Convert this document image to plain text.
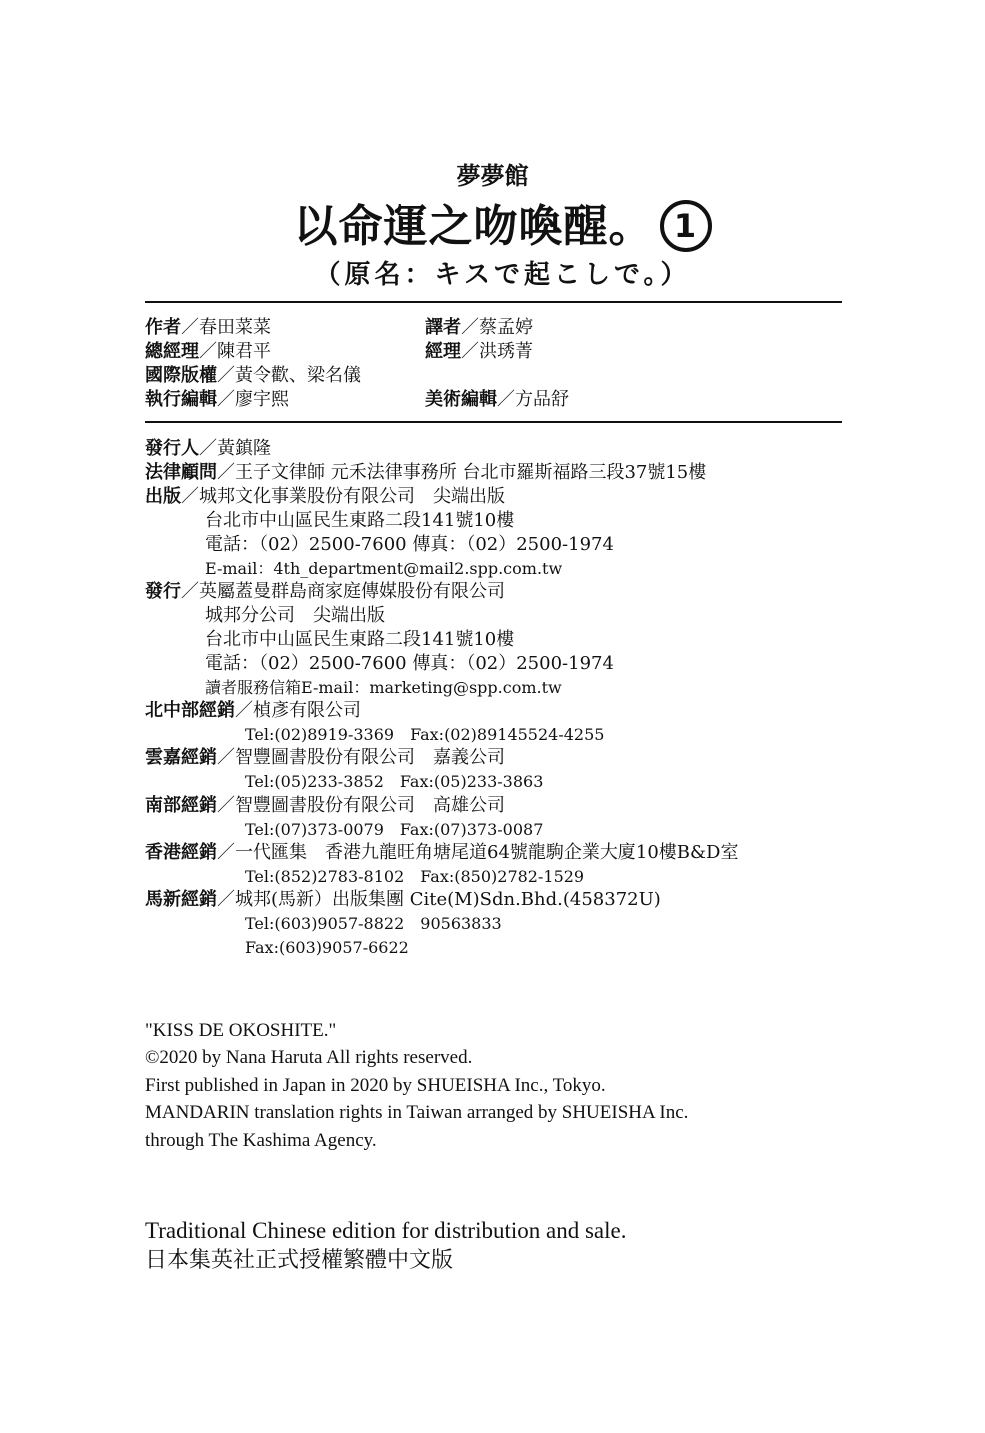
夢夢館
以命運之吻喚醒。 1
（原名：キスで起こしで。）
作者／春田菜菜	譯者／蔡孟婷
總經理／陳君平	經理／洪琇菁
國際版權／黃令歡、梁名儀
執行編輯／廖宇熙	美術編輯／方品舒
發行人／黃鎮隆
法律顧問／王子文律師 元禾法律事務所 台北市羅斯福路三段37號15樓
出版／城邦文化事業股份有限公司　尖端出版
台北市中山區民生東路二段141號10樓
電話：（02）2500-7600 傳真：（02）2500-1974
E-mail：4th_department@mail2.spp.com.tw
發行／英屬蓋曼群島商家庭傳媒股份有限公司
城邦分公司　尖端出版
台北市中山區民生東路二段141號10樓
電話：（02）2500-7600 傳真：（02）2500-1974
讀者服務信箱E-mail：marketing@spp.com.tw
北中部經銷／楨彥有限公司
Tel:(02)8919-3369　Fax:(02)89145524-4255
雲嘉經銷／智豐圖書股份有限公司　嘉義公司
Tel:(05)233-3852　Fax:(05)233-3863
南部經銷／智豐圖書股份有限公司　高雄公司
Tel:(07)373-0079　Fax:(07)373-0087
香港經銷／一代匯集　香港九龍旺角塘尾道64號龍駒企業大廈10樓B&D室
Tel:(852)2783-8102　Fax:(850)2782-1529
馬新經銷／城邦(馬新）出版集團 Cite(M)Sdn.Bhd.(458372U)
Tel:(603)9057-8822　90563833
Fax:(603)9057-6622
"KISS DE OKOSHITE."
©2020 by Nana Haruta All rights reserved.
First published in Japan in 2020 by SHUEISHA Inc., Tokyo.
MANDARIN translation rights in Taiwan arranged by SHUEISHA Inc.
through The Kashima Agency.
Traditional Chinese edition for distribution and sale.
日本集英社正式授權繁體中文版
